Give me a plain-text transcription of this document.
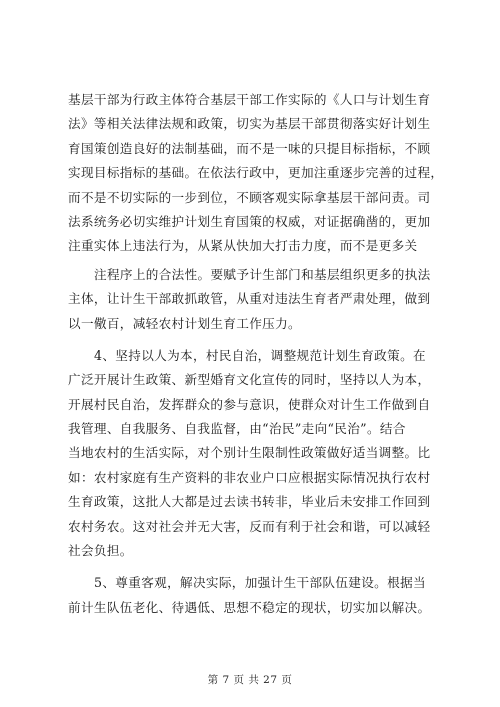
基层干部为行政主体符合基层干部工作实际的《人口与计划生育
法》等相关法律法规和政策，切实为基层干部贯彻落实好计划生
育国策创造良好的法制基础，而不是一味的只提目标指标，不顾
实现目标指标的基础。在依法行政中，更加注重逐步完善的过程，
而不是不切实际的一步到位，不顾客观实际拿基层干部问责。司
法系统务必切实维护计划生育国策的权威，对证据确凿的，更加
注重实体上违法行为，从紧从快加大打击力度，而不是更多关
注程序上的合法性。要赋予计生部门和基层组织更多的执法
主体，让计生干部敢抓敢管，从重对违法生育者严肃处理，做到
以一儆百，减轻农村计划生育工作压力。
4、坚持以人为本，村民自治，调整规范计划生育政策。在
广泛开展计生政策、新型婚育文化宣传的同时，坚持以人为本，
开展村民自治，发挥群众的参与意识，使群众对计生工作做到自
我管理、自我服务、自我监督，由“治民”走向“民治”。结合
当地农村的生活实际，对个别计生限制性政策做好适当调整。比
如：农村家庭有生产资料的非农业户口应根据实际情况执行农村
生育政策，这批人大都是过去读书转非，毕业后未安排工作回到
农村务农。这对社会并无大害，反而有利于社会和谐，可以减轻
社会负担。
5、尊重客观，解决实际，加强计生干部队伍建设。根据当
前计生队伍老化、待遇低、思想不稳定的现状，切实加以解决。
第 7 页 共 27 页
